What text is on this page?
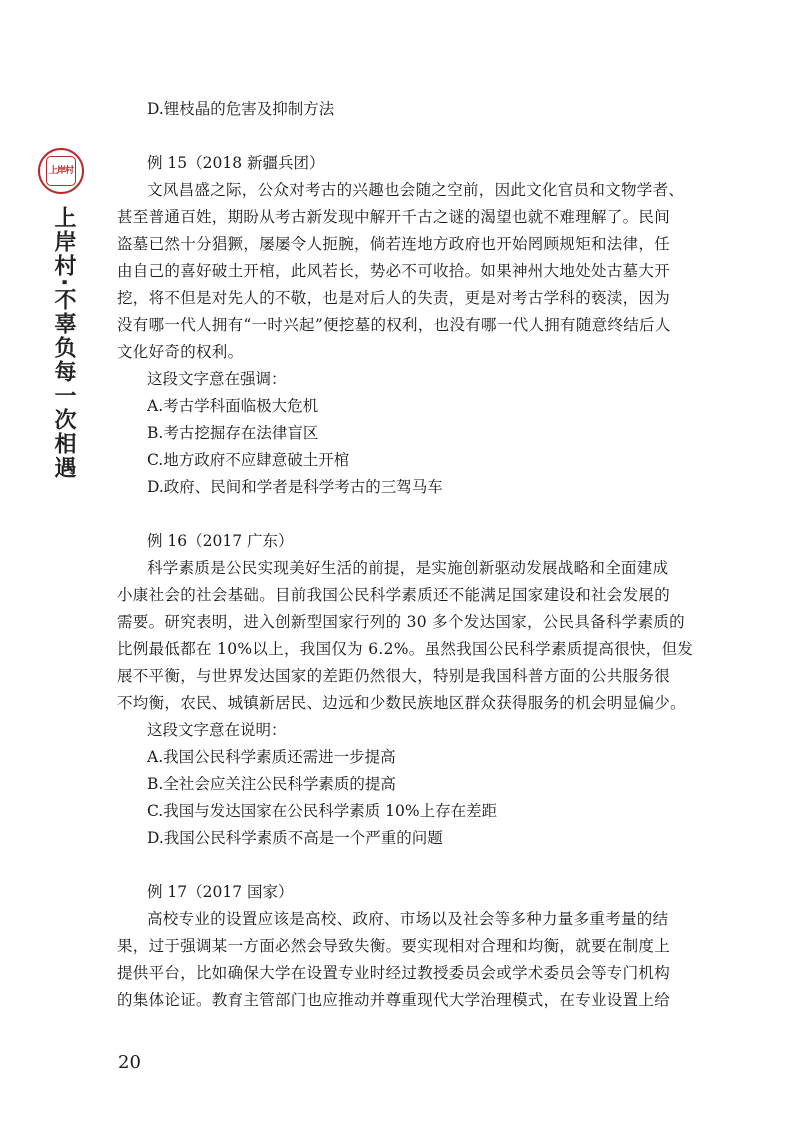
上岸村
上岸村·不辜负每一次相遇
D.锂枝晶的危害及抑制方法
例 15（2018 新疆兵团）
文风昌盛之际，公众对考古的兴趣也会随之空前，因此文化官员和文物学者、
甚至普通百姓，期盼从考古新发现中解开千古之谜的渴望也就不难理解了。民间
盗墓已然十分猖獗，屡屡令人扼腕，倘若连地方政府也开始罔顾规矩和法律，任
由自己的喜好破土开棺，此风若长，势必不可收拾。如果神州大地处处古墓大开
挖，将不但是对先人的不敬，也是对后人的失责，更是对考古学科的亵渎，因为
没有哪一代人拥有“一时兴起”便挖墓的权利，也没有哪一代人拥有随意终结后人
文化好奇的权利。
这段文字意在强调：
A.考古学科面临极大危机
B.考古挖掘存在法律盲区
C.地方政府不应肆意破土开棺
D.政府、民间和学者是科学考古的三驾马车
例 16（2017 广东）
科学素质是公民实现美好生活的前提，是实施创新驱动发展战略和全面建成
小康社会的社会基础。目前我国公民科学素质还不能满足国家建设和社会发展的
需要。研究表明，进入创新型国家行列的 30 多个发达国家，公民具备科学素质的
比例最低都在 10%以上，我国仅为 6.2%。虽然我国公民科学素质提高很快，但发
展不平衡，与世界发达国家的差距仍然很大，特别是我国科普方面的公共服务很
不均衡，农民、城镇新居民、边远和少数民族地区群众获得服务的机会明显偏少。
这段文字意在说明：
A.我国公民科学素质还需进一步提高
B.全社会应关注公民科学素质的提高
C.我国与发达国家在公民科学素质 10%上存在差距
D.我国公民科学素质不高是一个严重的问题
例 17（2017 国家）
高校专业的设置应该是高校、政府、市场以及社会等多种力量多重考量的结
果，过于强调某一方面必然会导致失衡。要实现相对合理和均衡，就要在制度上
提供平台，比如确保大学在设置专业时经过教授委员会或学术委员会等专门机构
的集体论证。教育主管部门也应推动并尊重现代大学治理模式，在专业设置上给
20
